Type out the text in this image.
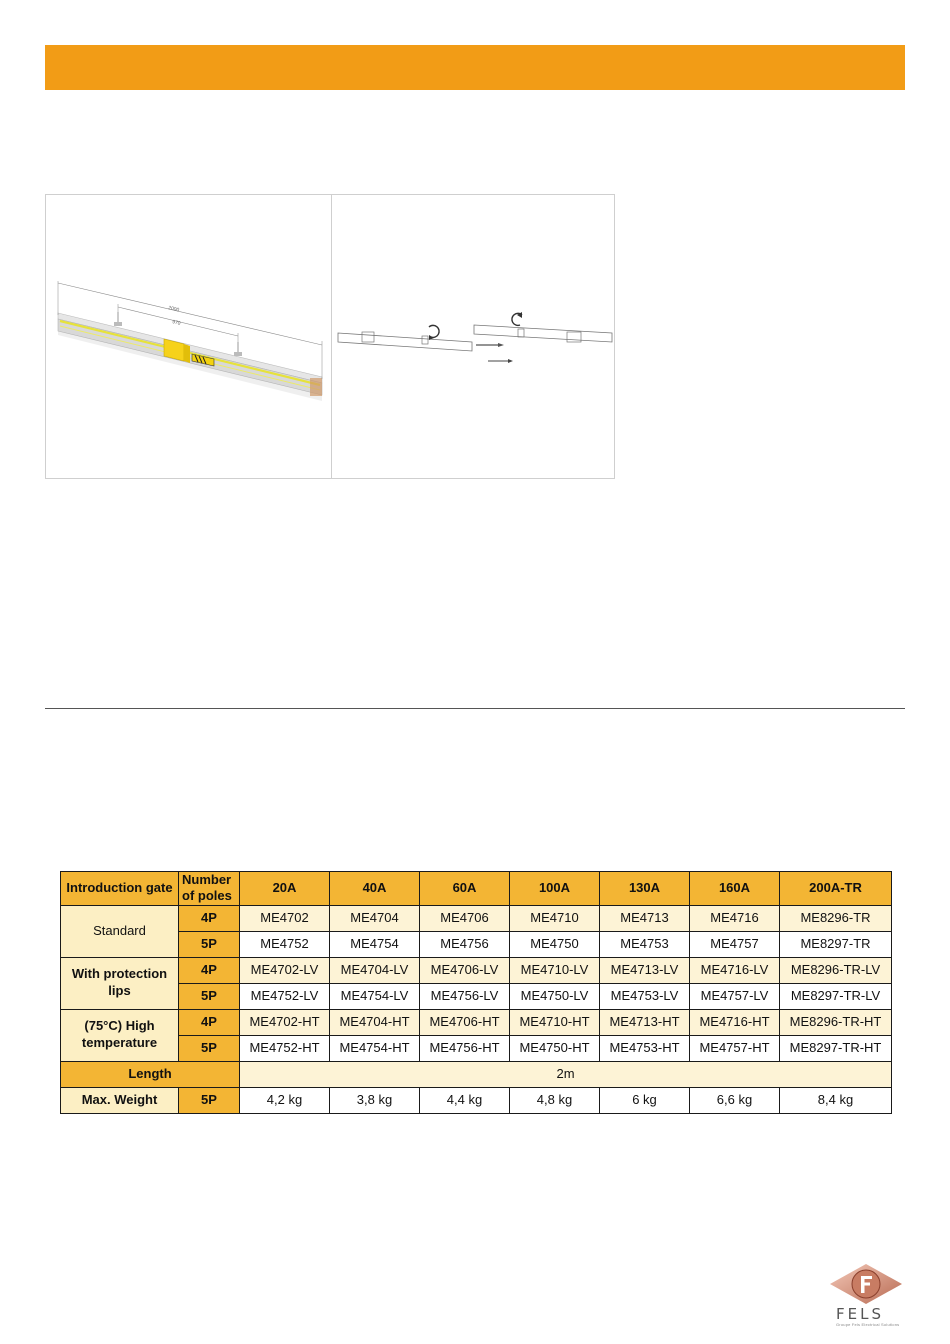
2000
970
Introduction gate	Number
of poles	20A	40A	60A	100A	130A	160A	200A-TR
Standard	4P	ME4702	ME4704	ME4706	ME4710	ME4713	ME4716	ME8296-TR
	5P	ME4752	ME4754	ME4756	ME4750	ME4753	ME4757	ME8297-TR
With protection
lips	4P	ME4702-LV	ME4704-LV	ME4706-LV	ME4710-LV	ME4713-LV	ME4716-LV	ME8296-TR-LV
	5P	ME4752-LV	ME4754-LV	ME4756-LV	ME4750-LV	ME4753-LV	ME4757-LV	ME8297-TR-LV
(75°C) High
temperature	4P	ME4702-HT	ME4704-HT	ME4706-HT	ME4710-HT	ME4713-HT	ME4716-HT	ME8296-TR-HT
	5P	ME4752-HT	ME4754-HT	ME4756-HT	ME4750-HT	ME4753-HT	ME4757-HT	ME8297-TR-HT
Length		2m						
Max. Weight	5P	4,2 kg	3,8 kg	4,4 kg	4,8 kg	6 kg	6,6 kg	8,4 kg
FELS
Groupe Fels Electrical Solutions
